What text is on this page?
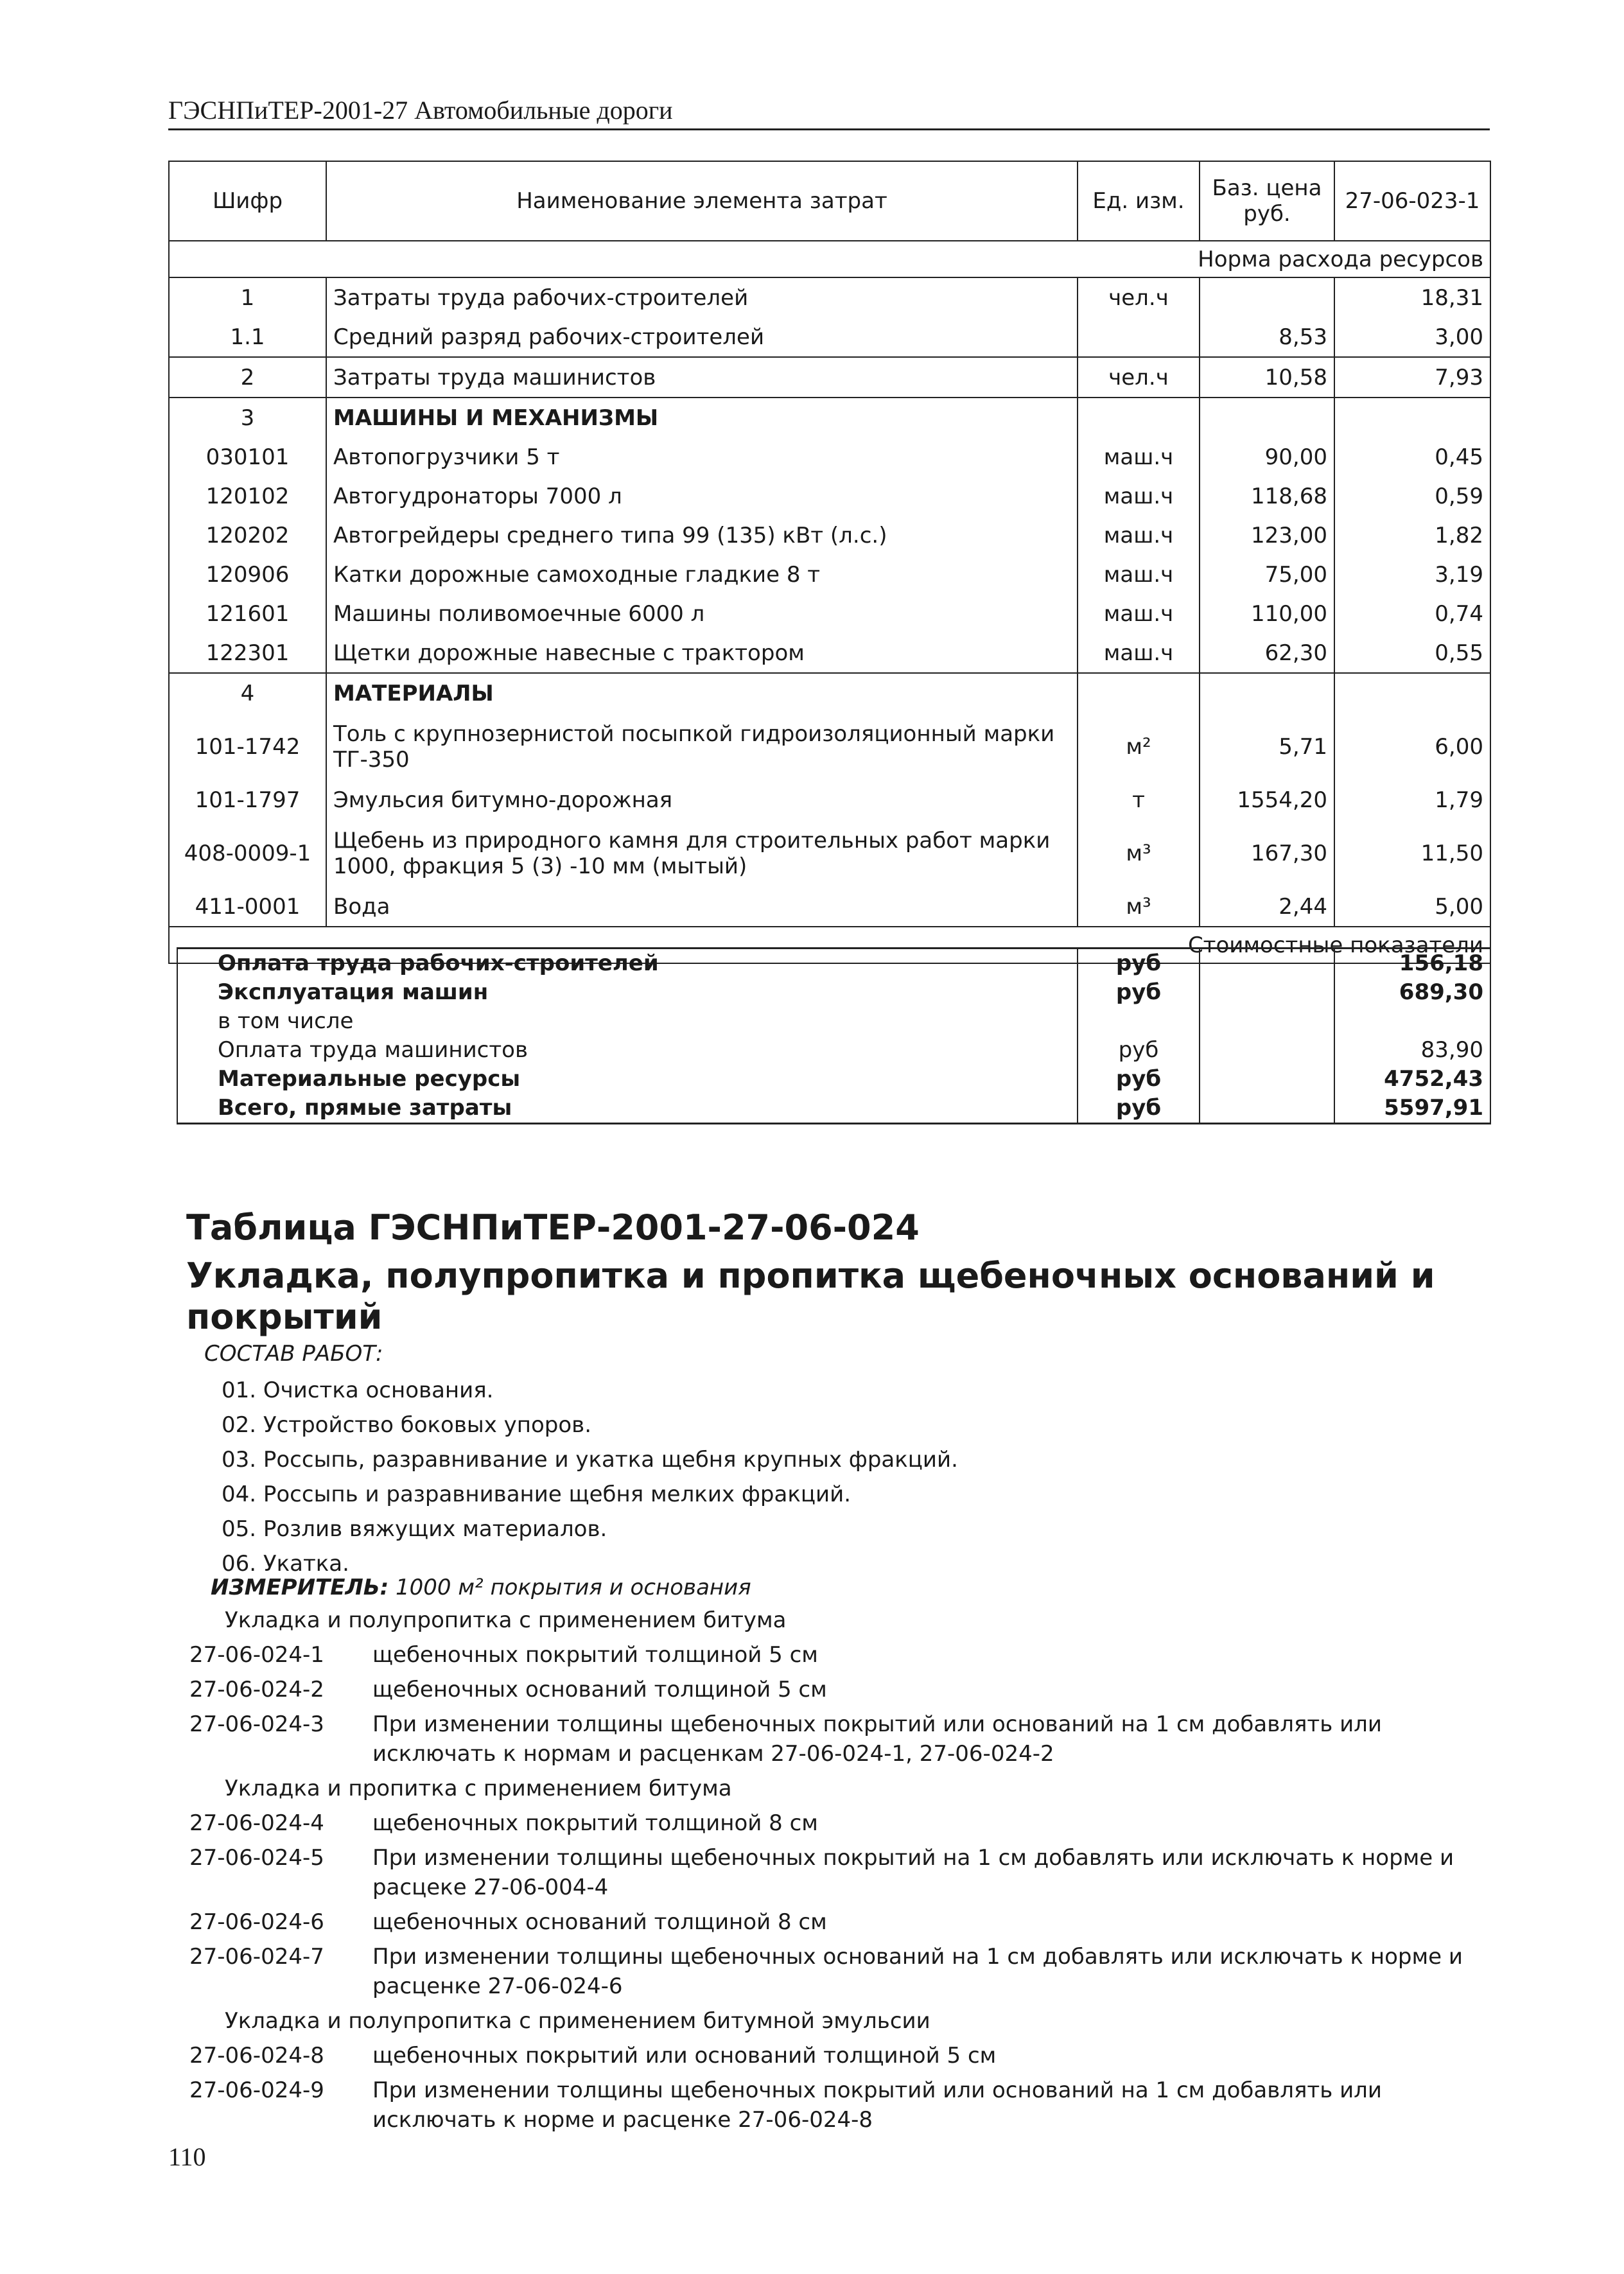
ГЭСНПиТЕР-2001-27 Автомобильные дороги
Шифр	Наименование элемента затрат	Ед. изм.	Баз. цена руб.	27-06-023-1
Норма расхода ресурсов				
1	Затраты труда рабочих-строителей	чел.ч		18,31
1.1	Средний разряд рабочих-строителей		8,53	3,00
2	Затраты труда машинистов	чел.ч	10,58	7,93
3	МАШИНЫ И МЕХАНИЗМЫ			
030101	Автопогрузчики 5 т	маш.ч	90,00	0,45
120102	Автогудронаторы 7000 л	маш.ч	118,68	0,59
120202	Автогрейдеры среднего типа 99 (135) кВт (л.с.)	маш.ч	123,00	1,82
120906	Катки дорожные самоходные гладкие 8 т	маш.ч	75,00	3,19
121601	Машины поливомоечные 6000 л	маш.ч	110,00	0,74
122301	Щетки дорожные навесные с трактором	маш.ч	62,30	0,55
4	МАТЕРИАЛЫ			
101-1742	Толь с крупнозернистой посыпкой гидроизоляционный марки ТГ-350	м²	5,71	6,00
101-1797	Эмульсия битумно-дорожная	т	1554,20	1,79
408-0009-1	Щебень из природного камня для строительных работ марки 1000, фракция 5 (3) -10 мм (мытый)	м³	167,30	11,50
411-0001	Вода	м³	2,44	5,00
Стоимостные показатели				
Оплата труда рабочих-строителей	руб		156,18
Эксплуатация машин	руб		689,30
в том числе			
Оплата труда машинистов	руб		83,90
Материальные ресурсы	руб		4752,43
Всего, прямые затраты	руб		5597,91
Таблица ГЭСНПиТЕР-2001-27-06-024
Укладка, полупропитка и пропитка щебеночных оснований и покрытий
СОСТАВ РАБОТ:
01. Очистка основания.
02. Устройство боковых упоров.
03. Россыпь, разравнивание и укатка щебня крупных фракций.
04. Россыпь и разравнивание щебня мелких фракций.
05. Розлив вяжущих материалов.
06. Укатка.
ИЗМЕРИТЕЛЬ: 1000 м² покрытия и основания
Укладка и полупропитка с применением битума
27-06-024-1	щебеночных покрытий толщиной 5 см
27-06-024-2	щебеночных оснований толщиной 5 см
27-06-024-3	При изменении толщины щебеночных покрытий или оснований на 1 см добавлять или исключать к нормам и расценкам 27-06-024-1, 27-06-024-2
Укладка и пропитка с применением битума
27-06-024-4	щебеночных покрытий толщиной 8 см
27-06-024-5	При изменении толщины щебеночных покрытий на 1 см добавлять или исключать к норме и расцеке 27-06-004-4
27-06-024-6	щебеночных оснований толщиной 8 см
27-06-024-7	При изменении толщины щебеночных оснований на 1 см добавлять или исключать к норме и расценке 27-06-024-6
Укладка и полупропитка с применением битумной эмульсии
27-06-024-8	щебеночных покрытий или оснований толщиной 5 см
27-06-024-9	При изменении толщины щебеночных покрытий или оснований на 1 см добавлять или исключать к норме и расценке 27-06-024-8
110
